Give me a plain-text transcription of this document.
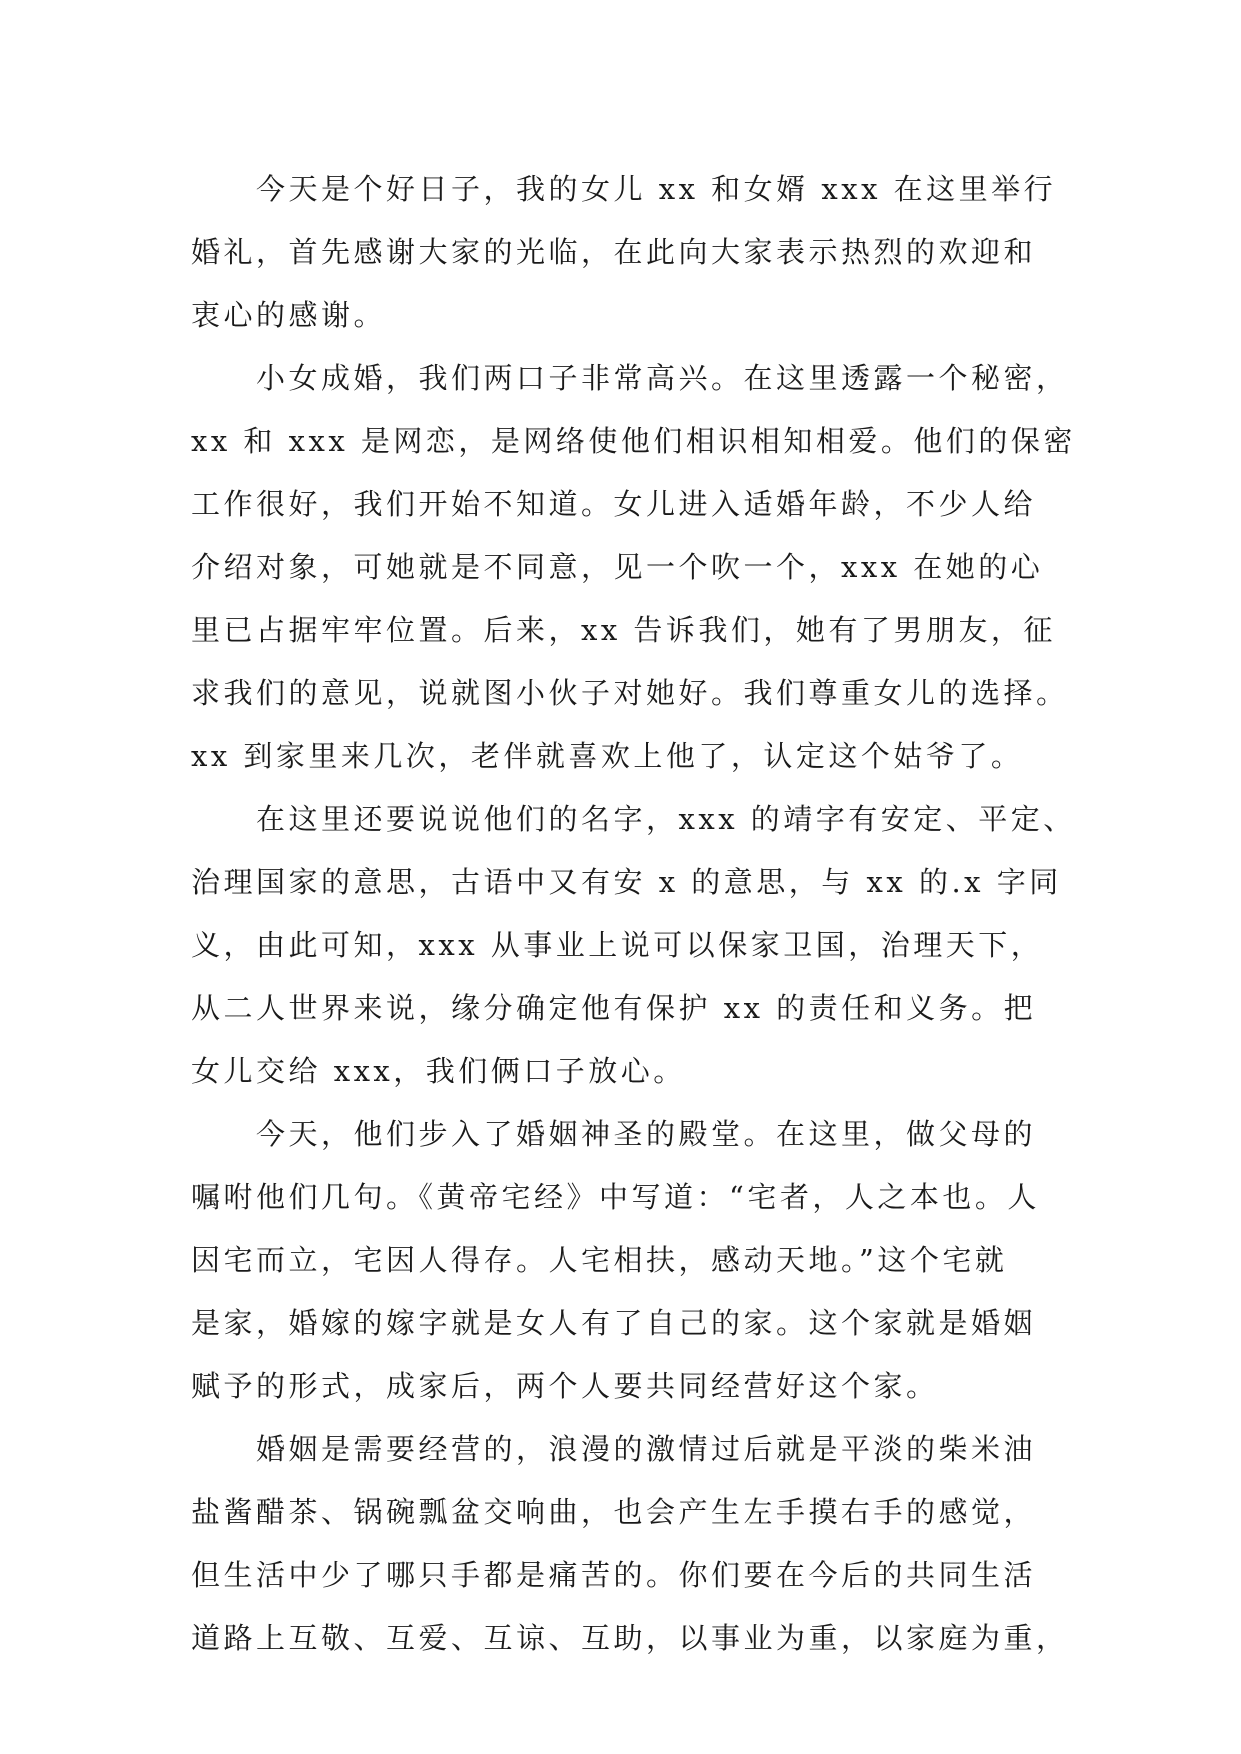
今天是个好日子，我的女儿 xx 和女婿 xxx 在这里举行
婚礼，首先感谢大家的光临，在此向大家表示热烈的欢迎和
衷心的感谢。
小女成婚，我们两口子非常高兴。在这里透露一个秘密，
xx 和 xxx 是网恋，是网络使他们相识相知相爱。他们的保密
工作很好，我们开始不知道。女儿进入适婚年龄，不少人给
介绍对象，可她就是不同意，见一个吹一个，xxx 在她的心
里已占据牢牢位置。后来，xx 告诉我们，她有了男朋友，征
求我们的意见，说就图小伙子对她好。我们尊重女儿的选择。
xx 到家里来几次，老伴就喜欢上他了，认定这个姑爷了。
在这里还要说说他们的名字，xxx 的靖字有安定、平定、
治理国家的意思，古语中又有安 x 的意思，与 xx 的.x 字同
义，由此可知，xxx 从事业上说可以保家卫国，治理天下，
从二人世界来说，缘分确定他有保护 xx 的责任和义务。把
女儿交给 xxx，我们俩口子放心。
今天，他们步入了婚姻神圣的殿堂。在这里，做父母的
嘱咐他们几句。《黄帝宅经》中写道：“宅者，人之本也。人
因宅而立，宅因人得存。人宅相扶，感动天地。”这个宅就
是家，婚嫁的嫁字就是女人有了自己的家。这个家就是婚姻
赋予的形式，成家后，两个人要共同经营好这个家。
婚姻是需要经营的，浪漫的激情过后就是平淡的柴米油
盐酱醋茶、锅碗瓢盆交响曲，也会产生左手摸右手的感觉，
但生活中少了哪只手都是痛苦的。你们要在今后的共同生活
道路上互敬、互爱、互谅、互助，以事业为重，以家庭为重，
